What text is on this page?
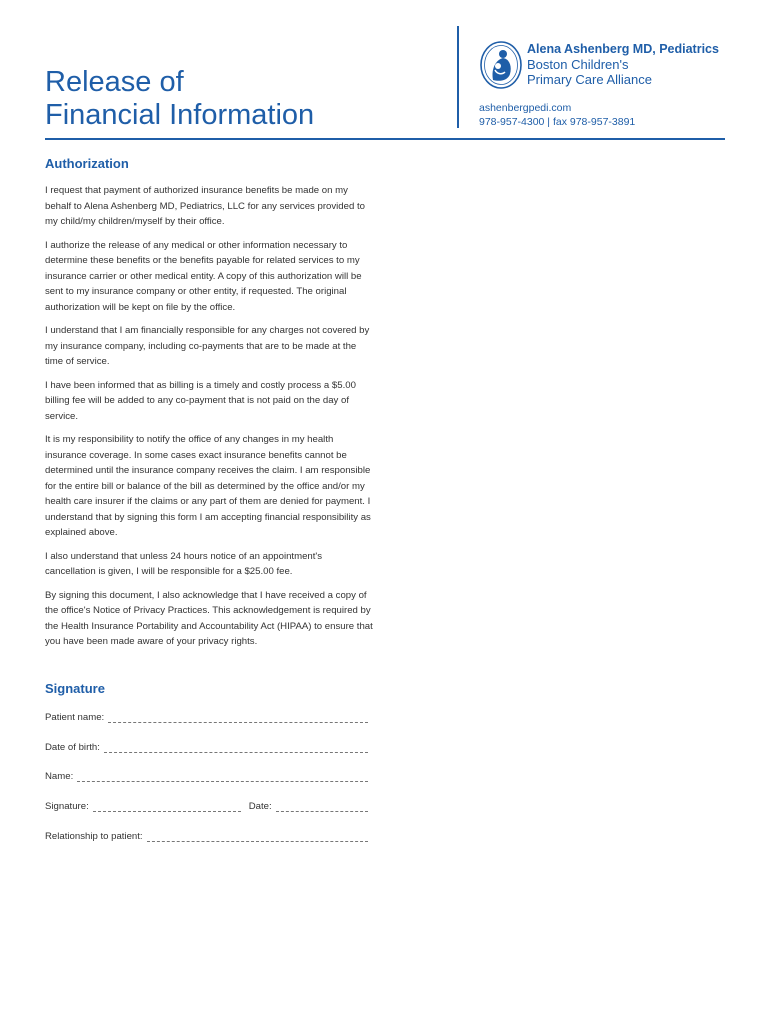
Release of
Financial Information
Alena Ashenberg MD, Pediatrics
Boston Children's
Primary Care Alliance
ashenbergpedi.com
978-957-4300 | fax 978-957-3891
Authorization

I request that payment of authorized insurance benefits be made on my behalf to Alena Ashenberg MD, Pediatrics, LLC for any services provided to my child/my children/myself by their office.

I authorize the release of any medical or other information necessary to determine these benefits or the benefits payable for related services to my insurance carrier or other medical entity. A copy of this authorization will be sent to my insurance company or other entity, if requested. The original authorization will be kept on file by the office.

I understand that I am financially responsible for any charges not covered by my insurance company, including co-payments that are to be made at the time of service.

I have been informed that as billing is a timely and costly process a $5.00 billing fee will be added to any co-payment that is not paid on the day of service.

It is my responsibility to notify the office of any changes in my health insurance coverage. In some cases exact insurance benefits cannot be determined until the insurance company receives the claim. I am responsible for the entire bill or balance of the bill as determined by the office and/or my health care insurer if the claims or any part of them are denied for payment. I understand that by signing this form I am accepting financial responsibility as explained above.

I also understand that unless 24 hours notice of an appointment's cancellation is given, I will be responsible for a $25.00 fee.

By signing this document, I also acknowledge that I have received a copy of the office's Notice of Privacy Practices. This acknowledgement is required by the Health Insurance Portability and Accountability Act (HIPAA) to ensure that you have been made aware of your privacy rights.

Signature
Patient name:
Date of birth:
Name:
Signature:	Date:
Relationship to patient:
